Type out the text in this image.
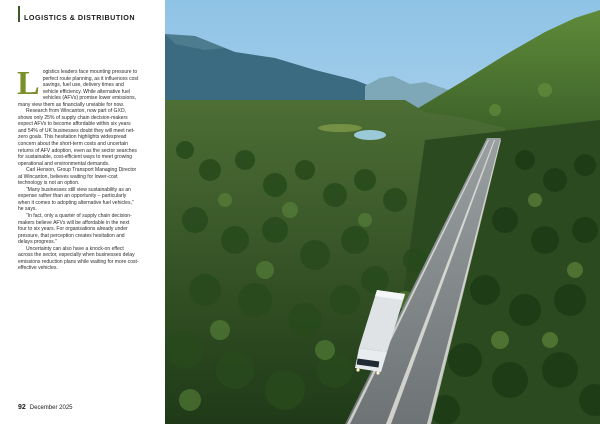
LOGISTICS & DISTRIBUTION

Logistics leaders face mounting pressure to perfect route planning, as it influences cost savings, fuel use, delivery times and vehicle efficiency. While alternative fuel vehicles (AFVs) promise lower emissions, many view them as financially unviable for now.

Research from Wincanton, now part of GXO, shows only 25% of supply chain decision-makers expect AFVs to become affordable within six years and 54% of UK businesses doubt they will meet net-zero goals. This hesitation highlights widespread concern about the short-term costs and uncertain returns of AFV adoption, even as the sector searches for sustainable, cost-efficient ways to meet growing operational and environmental demands.

Carl Henson, Group Transport Managing Director at Wincanton, believes waiting for lower-cost technology is not an option.

“Many businesses still view sustainability as an expense rather than an opportunity – particularly when it comes to adopting alternative fuel vehicles,” he says.

“In fact, only a quarter of supply chain decision-makers believe AFVs will be affordable in the next four to six years. For organisations already under pressure, that perception creates hesitation and delays progress.”

Uncertainty can also have a knock-on effect across the sector, especially when businesses delay emissions reduction plans while waiting for more cost-effective vehicles.

92 December 2025
